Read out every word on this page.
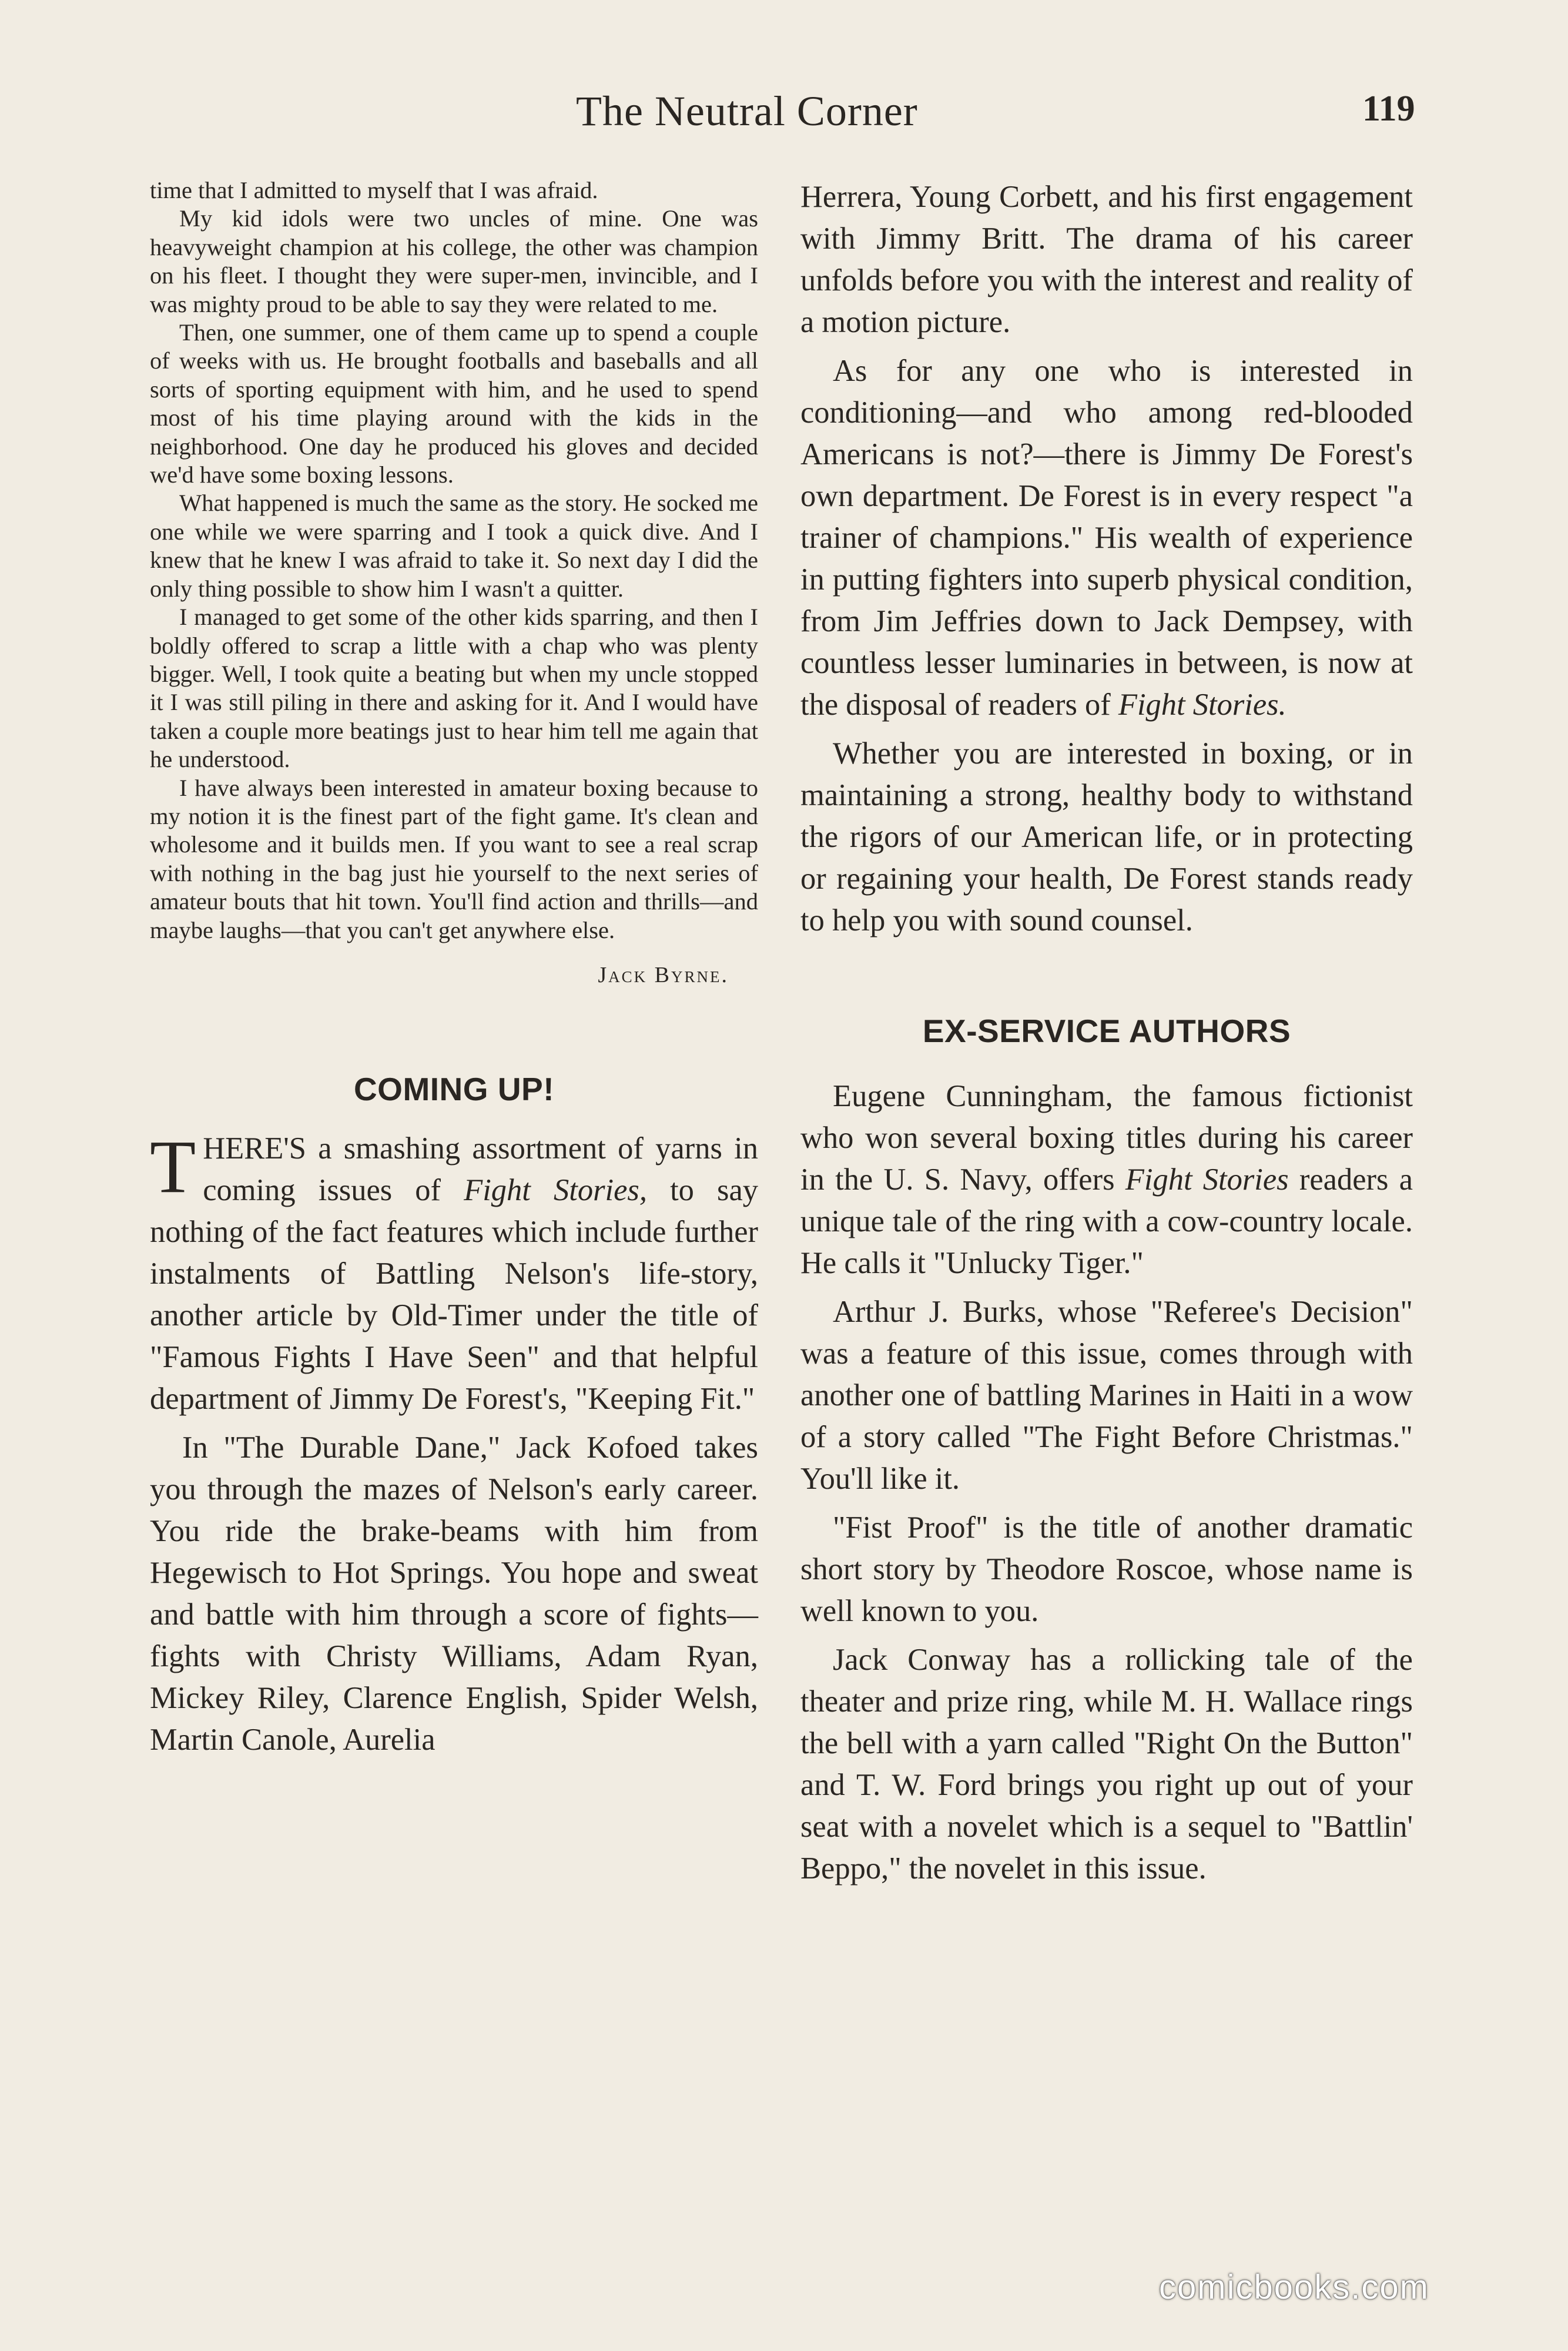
The Neutral Corner	119

time that I admitted to myself that I was afraid.

My kid idols were two uncles of mine. One was heavyweight champion at his college, the other was champion on his fleet. I thought they were super-men, invincible, and I was mighty proud to be able to say they were related to me.

Then, one summer, one of them came up to spend a couple of weeks with us. He brought footballs and baseballs and all sorts of sporting equipment with him, and he used to spend most of his time playing around with the kids in the neighborhood. One day he produced his gloves and decided we'd have some boxing lessons.

What happened is much the same as the story. He socked me one while we were sparring and I took a quick dive. And I knew that he knew I was afraid to take it. So next day I did the only thing possible to show him I wasn't a quitter.

I managed to get some of the other kids sparring, and then I boldly offered to scrap a little with a chap who was plenty bigger. Well, I took quite a beating but when my uncle stopped it I was still piling in there and asking for it. And I would have taken a couple more beatings just to hear him tell me again that he understood.

I have always been interested in amateur boxing because to my notion it is the finest part of the fight game. It's clean and wholesome and it builds men. If you want to see a real scrap with nothing in the bag just hie yourself to the next series of amateur bouts that hit town. You'll find action and thrills—and maybe laughs—that you can't get anywhere else.

Jack Byrne.
COMING UP!

THERE'S a smashing assortment of yarns in coming issues of Fight Stories, to say nothing of the fact features which include further instalments of Battling Nelson's life-story, another article by Old-Timer under the title of "Famous Fights I Have Seen" and that helpful department of Jimmy De Forest's, "Keeping Fit."

In "The Durable Dane," Jack Kofoed takes you through the mazes of Nelson's early career. You ride the brake-beams with him from Hegewisch to Hot Springs. You hope and sweat and battle with him through a score of fights—fights with Christy Williams, Adam Ryan, Mickey Riley, Clarence English, Spider Welsh, Martin Canole, Aurelia

Herrera, Young Corbett, and his first engagement with Jimmy Britt. The drama of his career unfolds before you with the interest and reality of a motion picture.

As for any one who is interested in conditioning—and who among red-blooded Americans is not?—there is Jimmy De Forest's own department. De Forest is in every respect "a trainer of champions." His wealth of experience in putting fighters into superb physical condition, from Jim Jeffries down to Jack Dempsey, with countless lesser luminaries in between, is now at the disposal of readers of Fight Stories.

Whether you are interested in boxing, or in maintaining a strong, healthy body to withstand the rigors of our American life, or in protecting or regaining your health, De Forest stands ready to help you with sound counsel.

EX-SERVICE AUTHORS

Eugene Cunningham, the famous fictionist who won several boxing titles during his career in the U. S. Navy, offers Fight Stories readers a unique tale of the ring with a cow-country locale. He calls it "Unlucky Tiger."

Arthur J. Burks, whose "Referee's Decision" was a feature of this issue, comes through with another one of battling Marines in Haiti in a wow of a story called "The Fight Before Christmas." You'll like it.

"Fist Proof" is the title of another dramatic short story by Theodore Roscoe, whose name is well known to you.

Jack Conway has a rollicking tale of the theater and prize ring, while M. H. Wallace rings the bell with a yarn called "Right On the Button" and T. W. Ford brings you right up out of your seat with a novelet which is a sequel to "Battlin' Beppo," the novelet in this issue.

comicbooks.com
